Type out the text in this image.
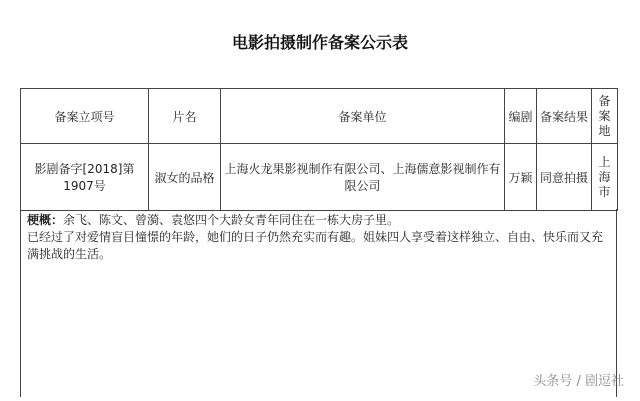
电影拍摄制作备案公示表
备案立项号	片名	备案单位	编剧	备案结果	备案地
影剧备字[2018]第1907号	淑女的品格	上海火龙果影视制作有限公司、上海儒意影视制作有限公司	万颖	同意拍摄	上海市
梗概：余飞、陈文、曾漪、袁悠四个大龄女青年同住在一栋大房子里。
已经过了对爱情盲目憧憬的年龄，她们的日子仍然充实而有趣。姐妹四人享受着这样独立、自由、快乐而又充满挑战的生活。
头条号 / 剧逗社
